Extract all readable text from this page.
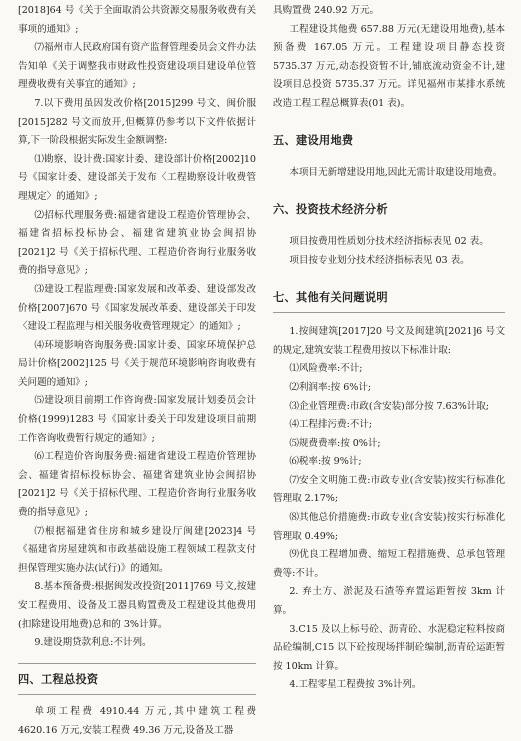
[2018]64 号《关于全面取消公共资源交易服务收费有关事项的通知》;

⑺福州市人民政府国有资产监督管理委员会文件办法告知单《关于调整我市财政性投资建设项目建设单位管理费收费有关事宜的通知》;

7.以下费用虽因发改价格[2015]299 号文、闽价服[2015]282 号文而放开,但概算仍参考以下文件依据计算,下一阶段根据实际发生金额调整:

⑴勘察、设计费:国家计委、建设部计价格[2002]10 号《国家计委、建设部关于发布〈工程勘察设计收费管理规定〉的通知》;

⑵招标代理服务费:福建省建设工程造价管理协会、福建省招标投标协会、福建省建筑业协会闽招协[2021]2 号《关于招标代理、工程造价咨询行业服务收费的指导意见》;

⑶建设工程监理费:国家发展和改革委、建设部发改价格[2007]670 号《国家发展改革委、建设部关于印发〈建设工程监理与相关服务收费管理规定〉的通知》;

⑷环境影响咨询服务费:国家计委、国家环境保护总局计价格[2002]125 号《关于规范环境影响咨询收费有关问题的通知》;

⑸建设项目前期工作咨询费:国家发展计划委员会计价格(1999)1283 号《国家计委关于印发建设项目前期工作咨询收费暂行规定的通知》;

⑹工程造价咨询服务费:福建省建设工程造价管理协会、福建省招标投标协会、福建省建筑业协会闽招协[2021]2 号《关于招标代理、工程造价咨询行业服务收费的指导意见》;

⑺根据福建省住房和城乡建设厅闽建[2023]4 号《福建省房屋建筑和市政基础设施工程领域工程款支付担保管理实施办法(试行)》的通知。

8.基本预备费:根据闽发改投资[2011]769 号文,按建安工程费用、设备及工器具购置费及工程建设其他费用(扣除建设用地费)总和的 3%计算。

9.建设期贷款利息:不计列。

四、工程总投资

单项工程费 4910.44 万元,其中建筑工程费 4620.16 万元,安装工程费 49.36 万元,设备及工器

具购置费 240.92 万元。

工程建设其他费 657.88 万元(无建设用地费),基本预备费 167.05 万元。工程建设项目静态投资 5735.37 万元,动态投资暂不计,铺底流动资金不计,建设项目总投资 5735.37 万元。详见福州市某排水系统改造工程工程总概算表(01 表)。

五、建设用地费

本项目无新增建设用地,因此无需计取建设用地费。

六、投资技术经济分析

项目按费用性质划分技术经济指标表见 02 表。

项目按专业划分技术经济指标表见 03 表。

七、其他有关问题说明

1.按闽建筑[2017]20 号文及闽建筑[2021]6 号文的规定,建筑安装工程费用按以下标准计取:

⑴风险费率:不计;

⑵利润率:按 6%计;

⑶企业管理费:市政(含安装)部分按 7.63%计取;

⑷工程排污费:不计;

⑸规费费率:按 0%计;

⑹税率:按 9%计;

⑺安全文明施工费:市政专业(含安装)按实行标准化管理取 2.17%;

⑻其他总价措施费:市政专业(含安装)按实行标准化管理取 0.49%;

⑼优良工程增加费、缩短工程措施费、总承包管理费等:不计。

2. 弃土方、淤泥及石渣等弃置运距暂按 3km 计算。

3.C15 及以上标号砼、沥青砼、水泥稳定粒料按商品砼编制,C15 以下砼按现场拌制砼编制,沥青砼运距暂按 10km 计算。

4.工程零星工程费按 3%计列。
